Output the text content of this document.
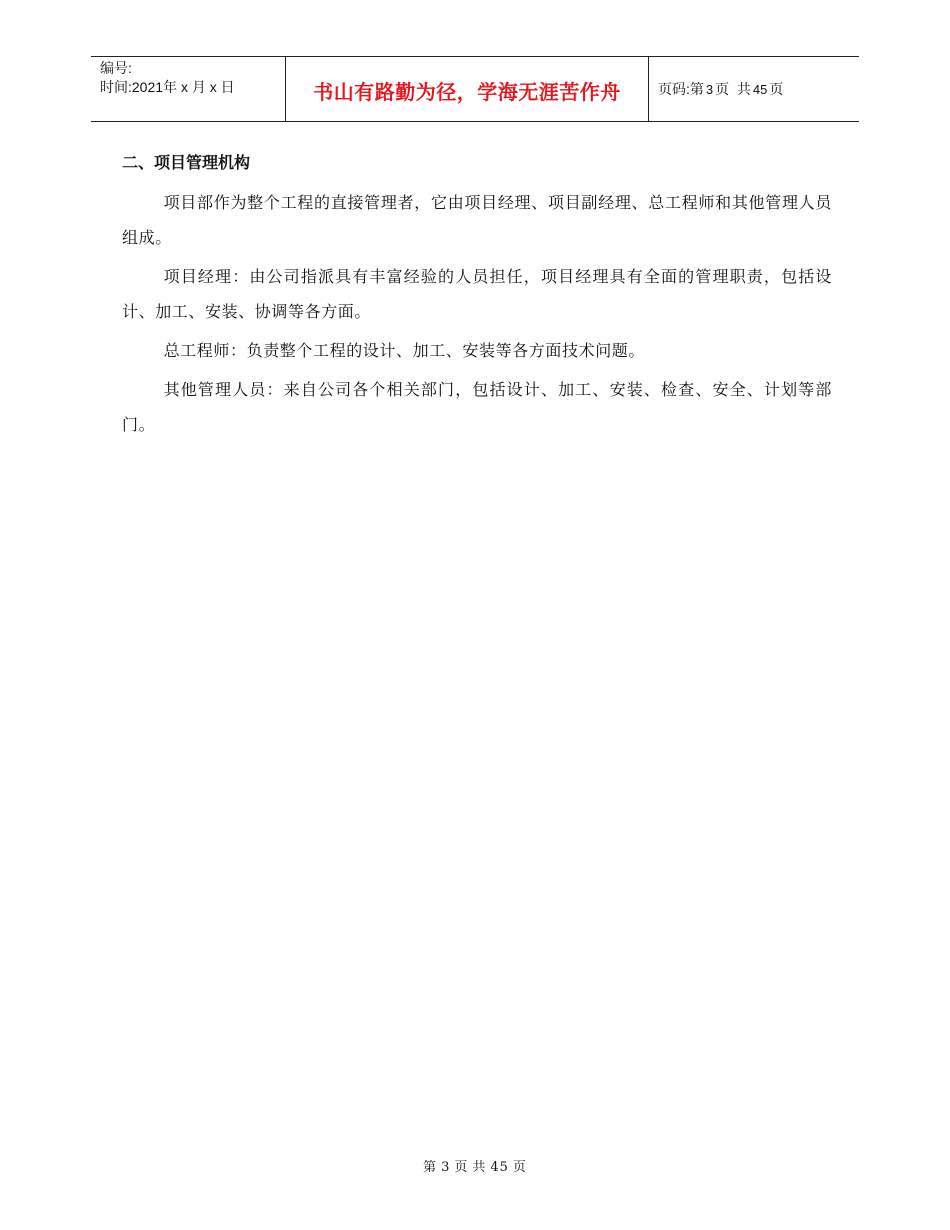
编号:
时间:2021年 x 月 x 日	书山有路勤为径，学海无涯苦作舟	页码: 第 3 页  共 45 页
二、项目管理机构

项目部作为整个工程的直接管理者，它由项目经理、项目副经理、总工程师和其他管理人员组成。

项目经理：由公司指派具有丰富经验的人员担任，项目经理具有全面的管理职责，包括设计、加工、安装、协调等各方面。

总工程师：负责整个工程的设计、加工、安装等各方面技术问题。

其他管理人员：来自公司各个相关部门，包括设计、加工、安装、检查、安全、计划等部门。

第 3 页 共 45 页
